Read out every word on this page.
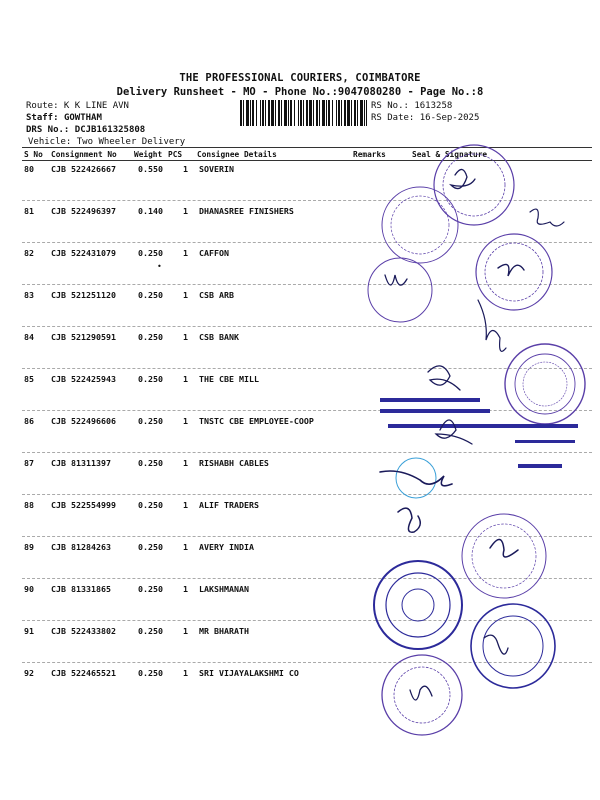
THE PROFESSIONAL COURIERS, COIMBATORE
Delivery Runsheet - MO - Phone No.:9047080280 - Page No.:8
Route: K K LINE AVN
Staff: GOWTHAM
DRS No.: DCJB161325808
Vehicle: Two Wheeler Delivery
RS No.: 1613258
RS Date: 16-Sep-2025
S No Consignment No Weight PCS Consignee Details	Remarks	Seal & Signature
80 CJB 522426667	0.550 1 SOVERIN
81 CJB 522496397	0.140 1 DHANASREE FINISHERS
82 CJB 522431079	0.250 1 CAFFON
83 CJB 521251120	0.250 1 CSB ARB
84 CJB 521290591	0.250 1 CSB BANK
85 CJB 522425943	0.250 1 THE CBE MILL
86 CJB 522496606	0.250 1 TNSTC CBE EMPLOYEE-COOP
87 CJB 81311397	0.250 1 RISHABH CABLES
88 CJB 522554999	0.250 1 ALIF TRADERS
89 CJB 81284263	0.250 1 AVERY INDIA
90 CJB 81331865	0.250 1 LAKSHMANAN
91 CJB 522433802	0.250 1 MR BHARATH
92 CJB 522465521	0.250 1 SRI VIJAYALAKSHMI CO
•
